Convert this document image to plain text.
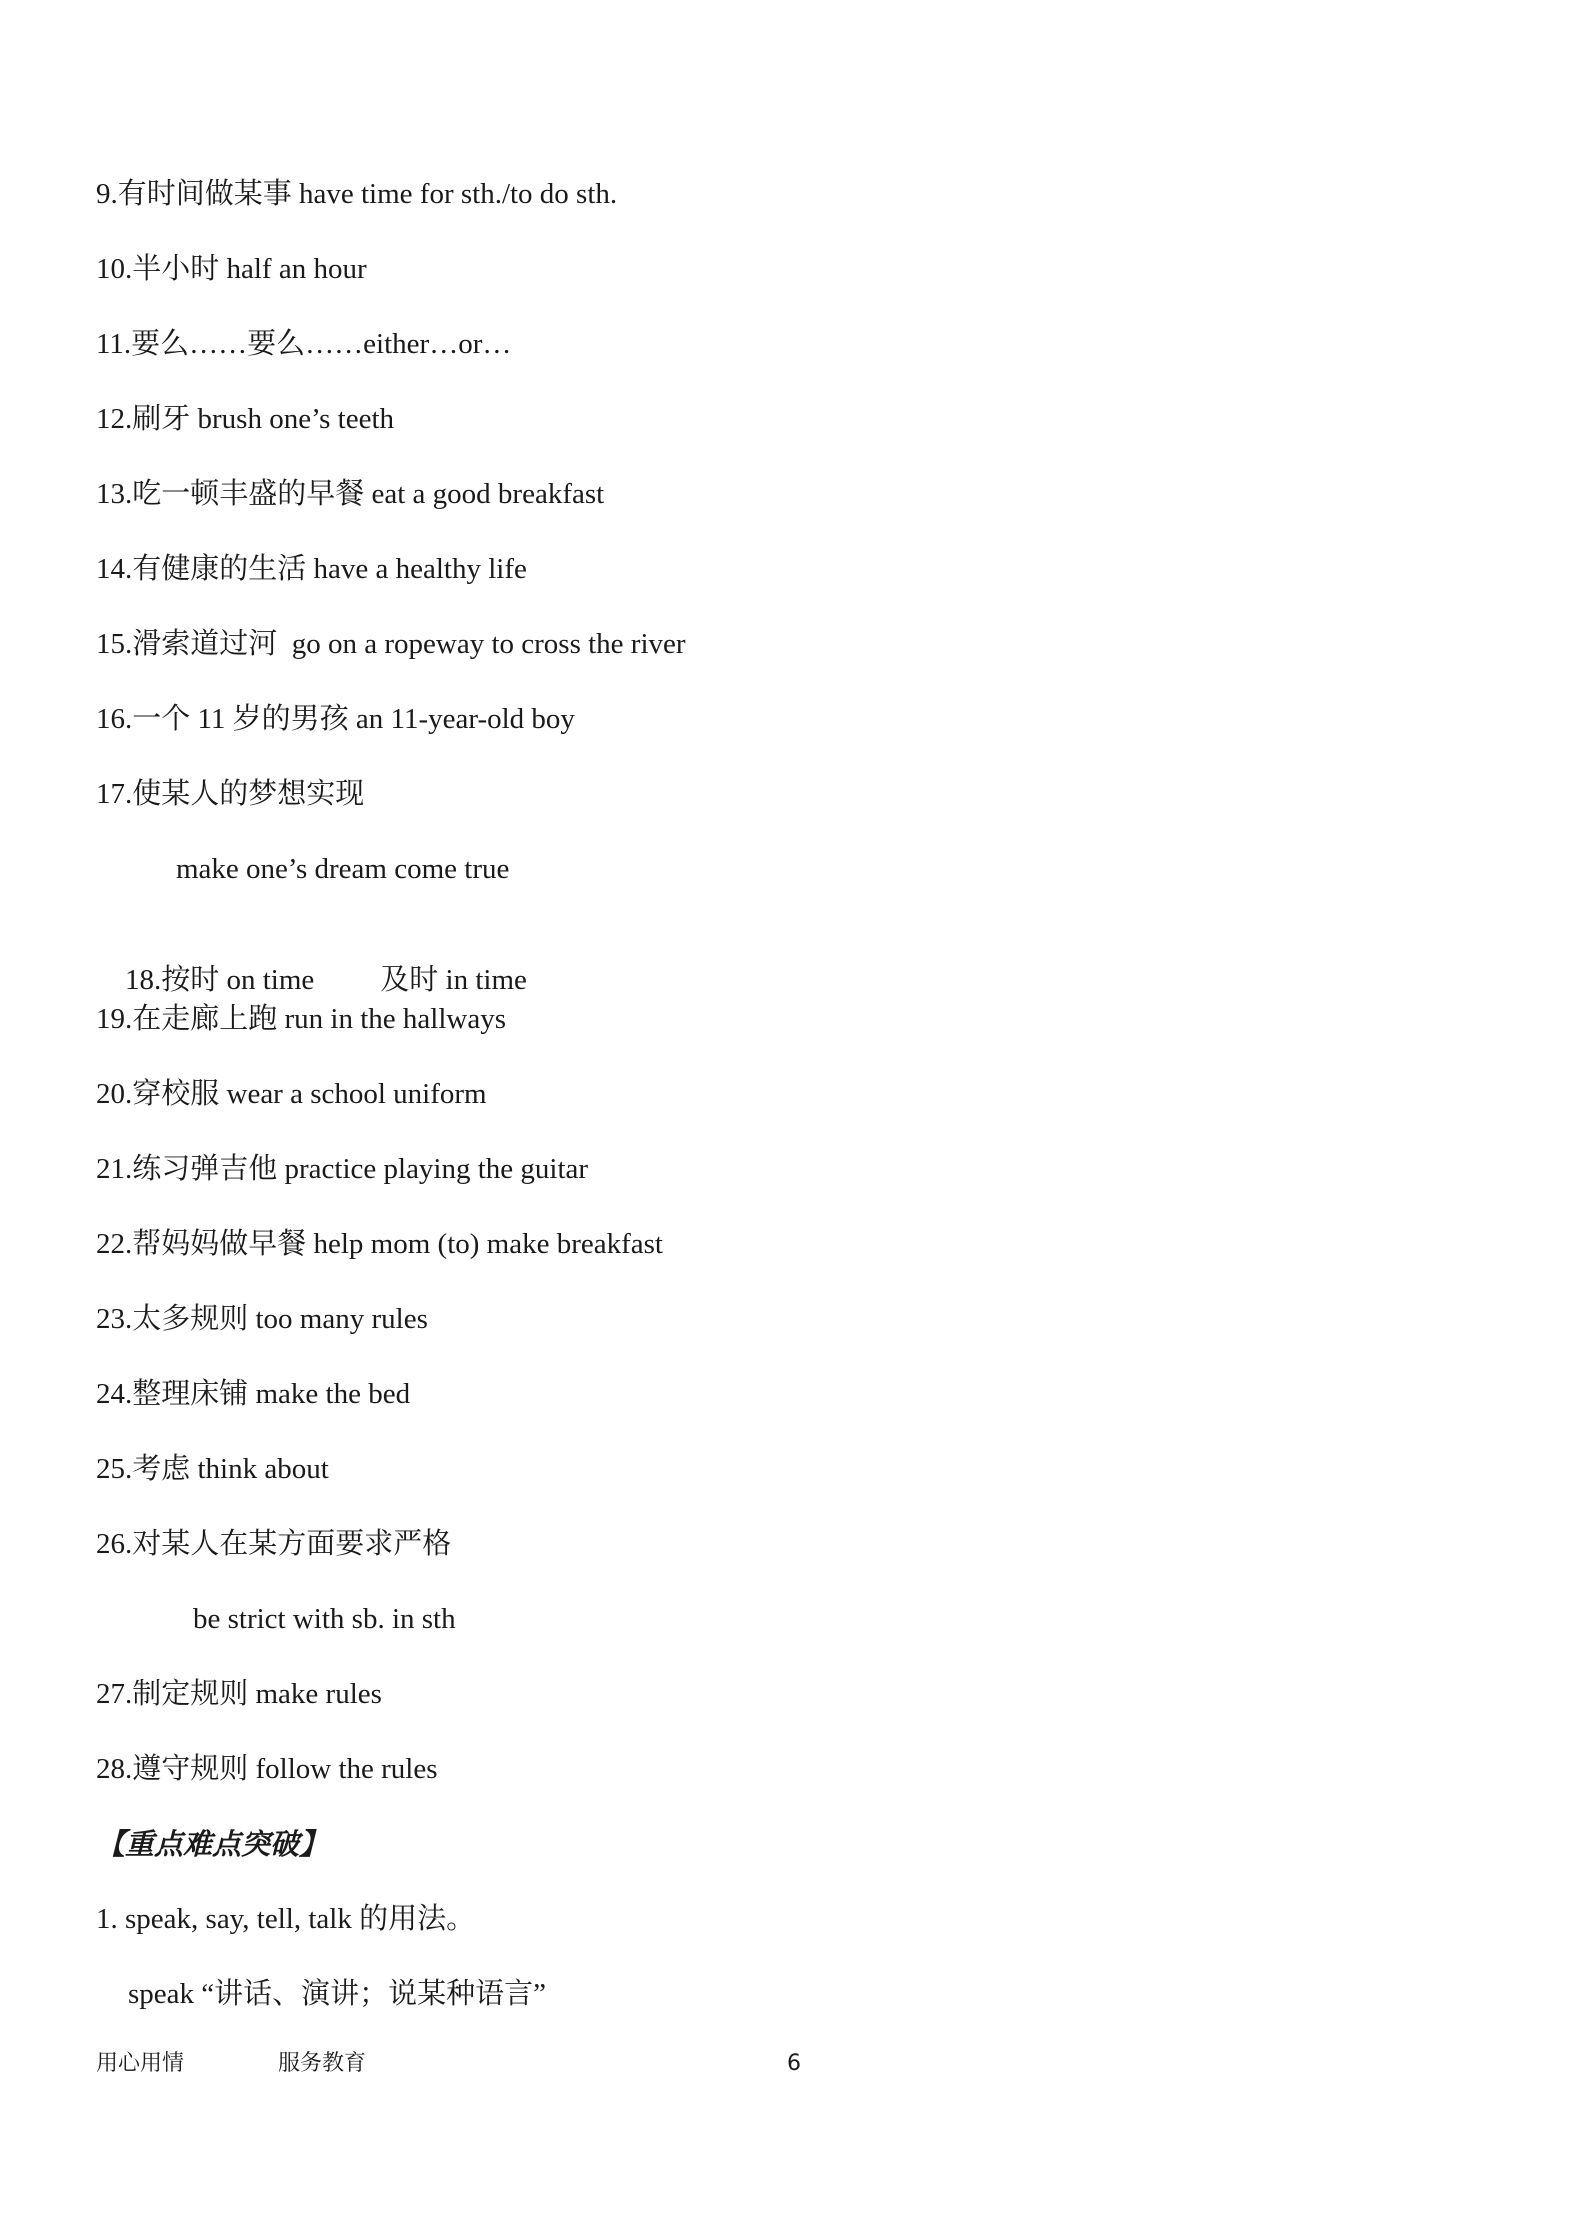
9.有时间做某事 have time for sth./to do sth.
10.半小时 half an hour
11.要么……要么……either…or…
12.刷牙 brush one’s teeth
13.吃一顿丰盛的早餐 eat a good breakfast
14.有健康的生活 have a healthy life
15.滑索道过河  go on a ropeway to cross the river
16.一个 11 岁的男孩 an 11-year-old boy
17.使某人的梦想实现
make one’s dream come true

18.按时 on time 及时 in time

19.在走廊上跑 run in the hallways
20.穿校服 wear a school uniform
21.练习弹吉他 practice playing the guitar
22.帮妈妈做早餐 help mom (to) make breakfast
23.太多规则 too many rules
24.整理床铺 make the bed
25.考虑 think about
26.对某人在某方面要求严格
be strict with sb. in sth
27.制定规则 make rules
28.遵守规则 follow the rules
【重点难点突破】
1. speak, say, tell, talk 的用法。
speak “讲话、演讲；说某种语言”
用心用情	服务教育	6
